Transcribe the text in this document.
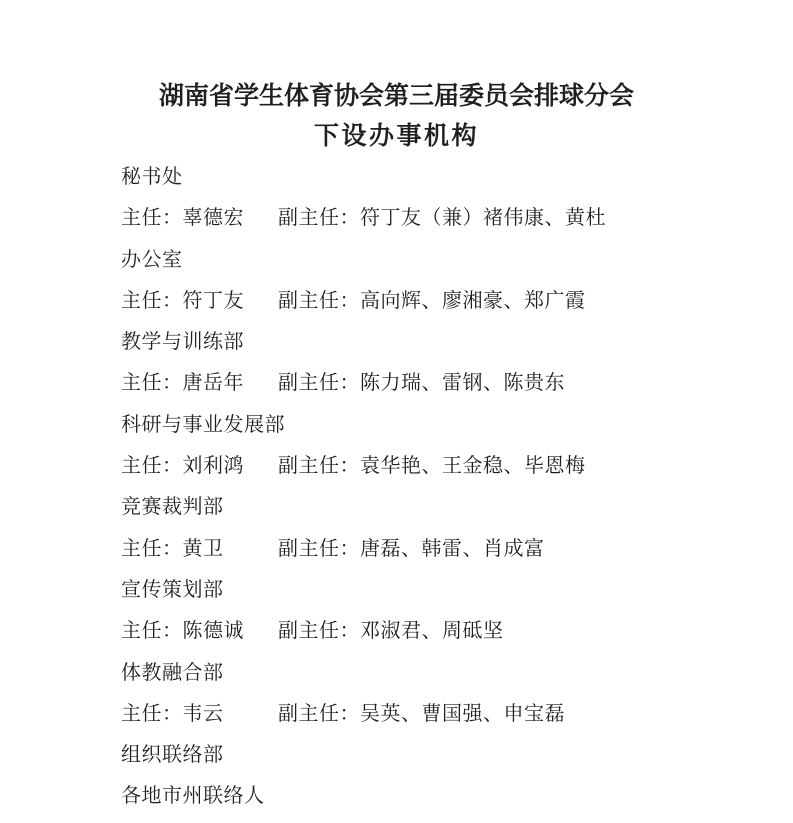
湖南省学生体育协会第三届委员会排球分会
下设办事机构
秘书处
主任：辜德宏 副主任：符丁友（兼）褚伟康、黄杜
办公室
主任：符丁友 副主任：高向辉、廖湘豪、郑广霞
教学与训练部
主任：唐岳年 副主任：陈力瑞、雷钢、陈贵东
科研与事业发展部
主任：刘利鸿 副主任：袁华艳、王金稳、毕恩梅
竞赛裁判部
主任：黄卫	副主任：唐磊、韩雷、肖成富
宣传策划部
主任：陈德诚 副主任：邓淑君、周砥坚
体教融合部
主任：韦云	副主任：吴英、曹国强、申宝磊
组织联络部
各地市州联络人
